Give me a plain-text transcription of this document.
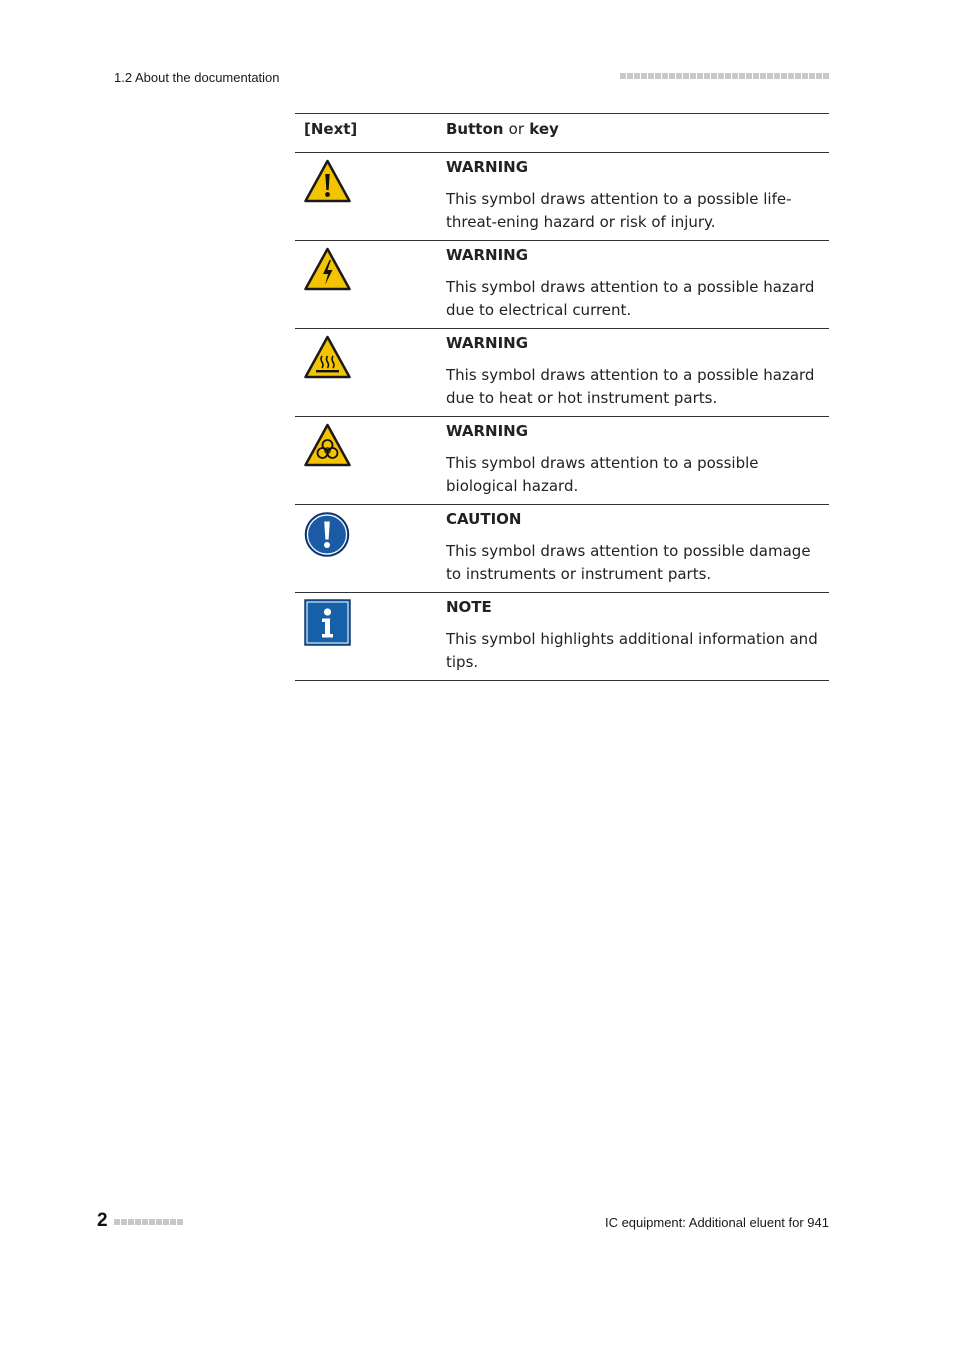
1.2 About the documentation
[Next]	Button or key

WARNING
This symbol draws attention to a possible life-threat-ening hazard or risk of injury.

WARNING
This symbol draws attention to a possible hazard due to electrical current.

WARNING
This symbol draws attention to a possible hazard due to heat or hot instrument parts.

WARNING
This symbol draws attention to a possible biological hazard.

CAUTION
This symbol draws attention to possible damage to instruments or instrument parts.

NOTE
This symbol highlights additional information and tips.
2	IC equipment: Additional eluent for 941
